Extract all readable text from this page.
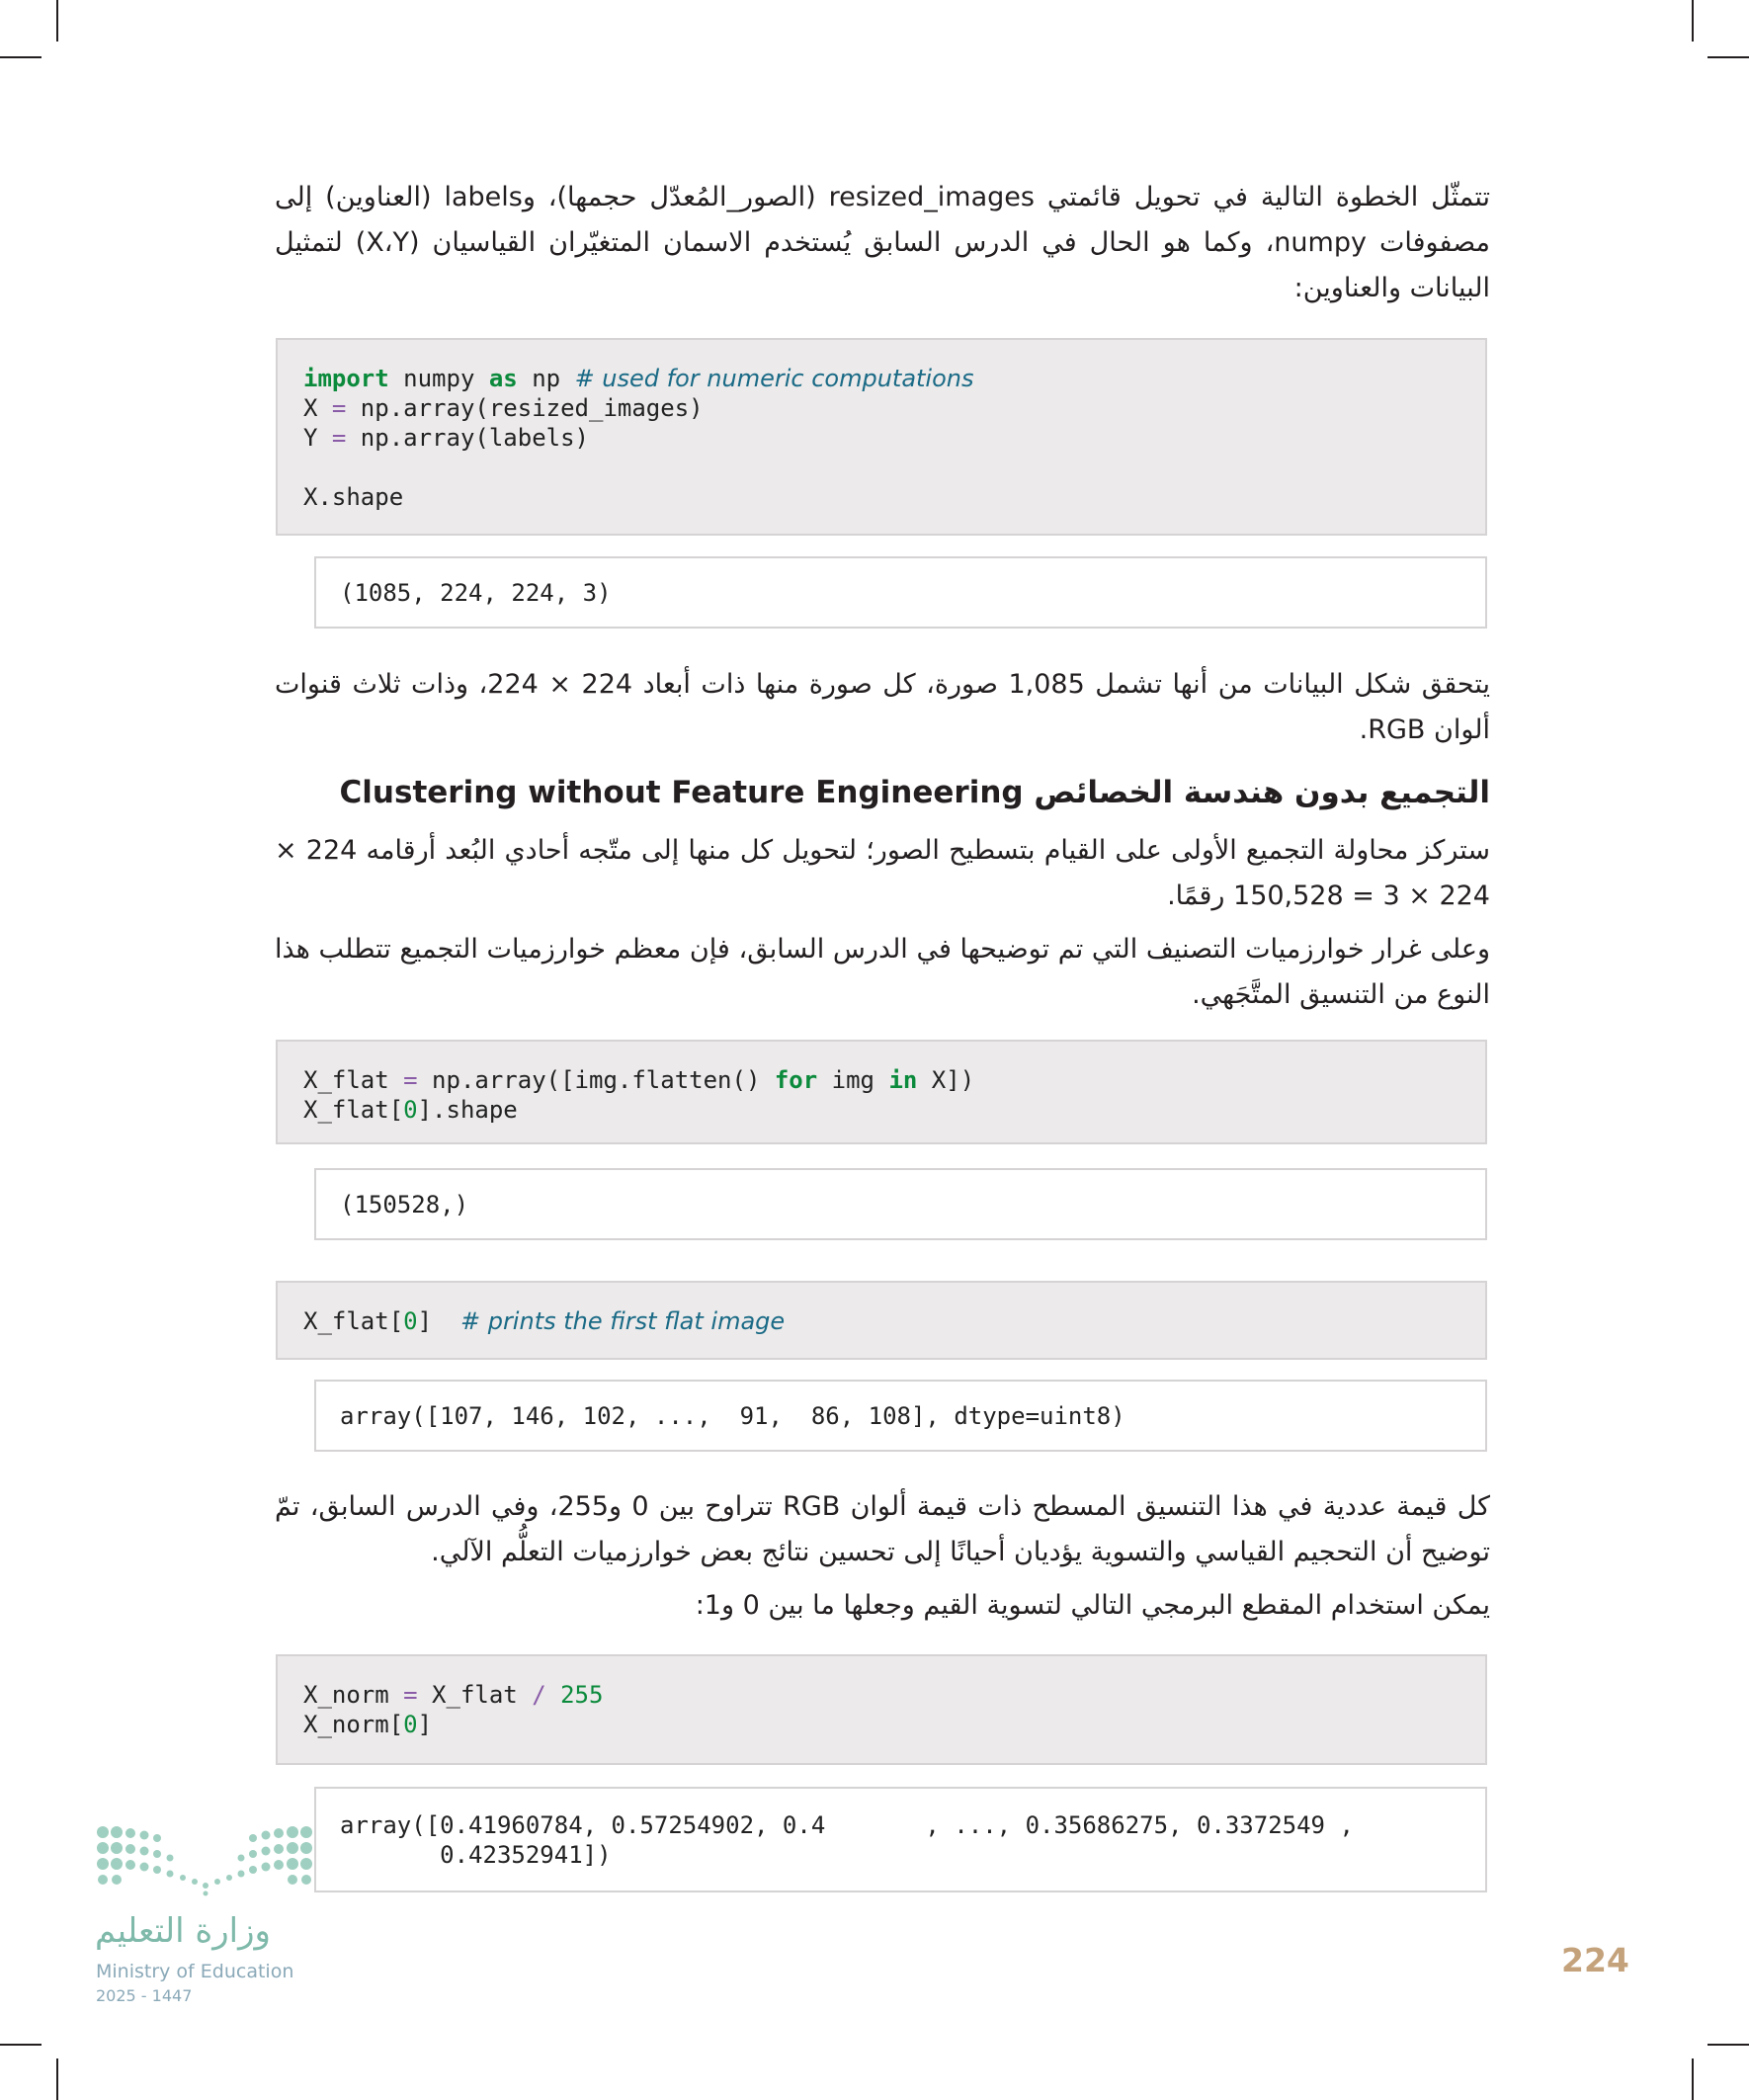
تتمثّل الخطوة التالية في تحويل قائمتي resized_images (الصور_المُعدّل حجمها)، وlabels (العناوين) إلى مصفوفات numpy، وكما هو الحال في الدرس السابق يُستخدم الاسمان المتغيّران القياسيان (X،Y) لتمثيل البيانات والعناوين:

import numpy as np # used for numeric computations
X = np.array(resized_images)
Y = np.array(labels)
X.shape
(1085, 224, 224, 3)

يتحقق شكل البيانات من أنها تشمل 1,085 صورة، كل صورة منها ذات أبعاد 224 × 224، وذات ثلاث قنوات ألوان RGB.

التجميع بدون هندسة الخصائص Clustering without Feature Engineering

ستركز محاولة التجميع الأولى على القيام بتسطيح الصور؛ لتحويل كل منها إلى متّجه أحادي البُعد أرقامه 224 × 224 × 3 = 150,528 رقمًا.

وعلى غرار خوارزميات التصنيف التي تم توضيحها في الدرس السابق، فإن معظم خوارزميات التجميع تتطلب هذا النوع من التنسيق المتَّجَهي.

X_flat = np.array([img.flatten() for img in X])
X_flat[0].shape
(150528,)
X_flat[0]  # prints the first flat image
array([107, 146, 102, ...,  91,  86, 108], dtype=uint8)

كل قيمة عددية في هذا التنسيق المسطح ذات قيمة ألوان RGB تتراوح بين 0 و255، وفي الدرس السابق، تمّ توضيح أن التحجيم القياسي والتسوية يؤديان أحيانًا إلى تحسين نتائج بعض خوارزميات التعلُّم الآلي.

يمكن استخدام المقطع البرمجي التالي لتسوية القيم وجعلها ما بين 0 و1:

X_norm = X_flat / 255
X_norm[0]
array([0.41960784, 0.57254902, 0.4       , ..., 0.35686275, 0.3372549 ,
0.42352941])
وزارة التعليم
Ministry of Education
2025 - 1447
224
